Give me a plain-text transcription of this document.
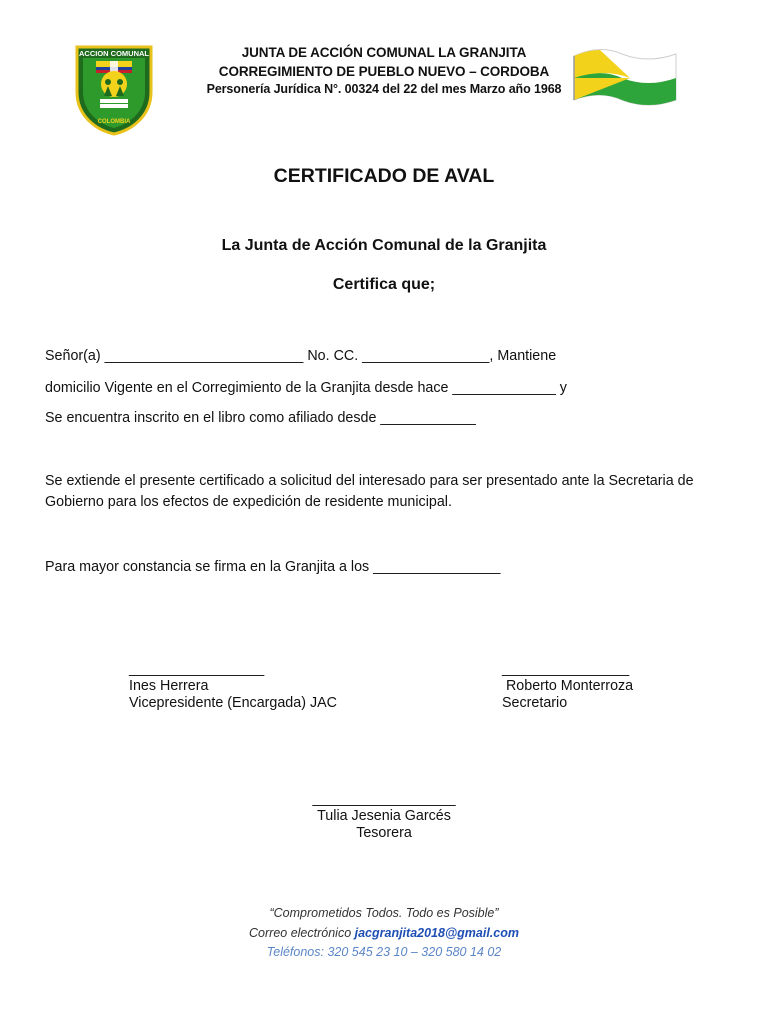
ACCION COMUNAL
COLOMBIA
JUNTA DE ACCIÓN COMUNAL LA GRANJITA
CORREGIMIENTO DE PUEBLO NUEVO – CORDOBA
Personería Jurídica N°. 00324 del 22 del mes Marzo año 1968
CERTIFICADO DE AVAL
La Junta de Acción Comunal de la Granjita
Certifica que;
Señor(a) _________________________ No. CC. ________________, Mantiene
domicilio Vigente en el Corregimiento de la Granjita desde hace _____________ y
Se encuentra inscrito en el libro como afiliado desde ____________
Se extiende el presente certificado a solicitud del interesado para ser presentado ante la Secretaria de Gobierno para los efectos de expedición de residente municipal.
Para mayor constancia se firma en la Granjita a los ________________
_________________
Ines Herrera
Vicepresidente (Encargada) JAC
________________
Roberto Monterroza
Secretario
__________________
Tulia Jesenia Garcés
Tesorera
“Comprometidos Todos. Todo es Posible”
Correo electrónico jacgranjita2018@gmail.com
Teléfonos: 320 545 23 10 – 320 580 14 02
